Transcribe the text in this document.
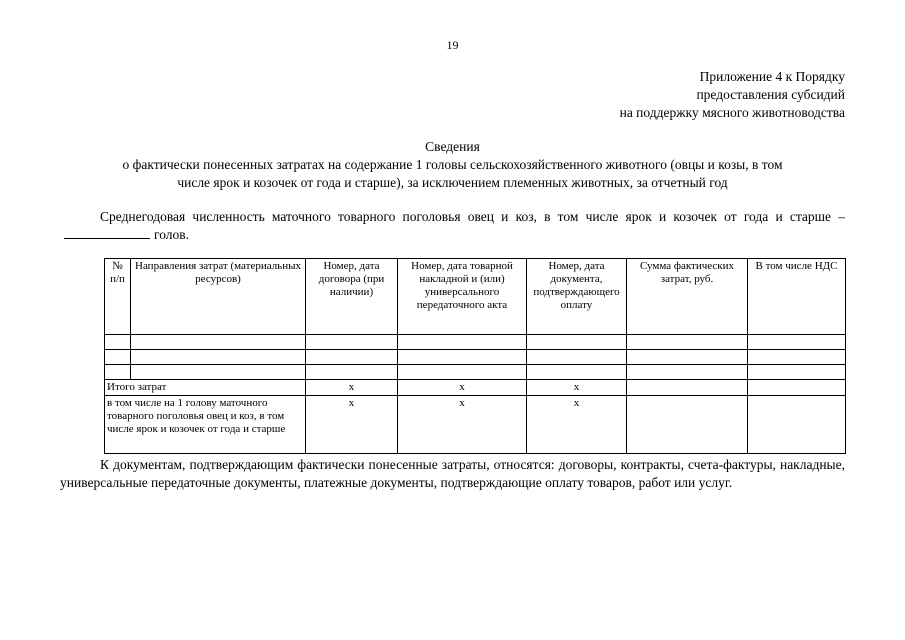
19
Приложение 4 к Порядку
предоставления субсидий
на поддержку мясного животноводства
Сведения
о фактически понесенных затратах на содержание 1 головы сельскохозяйственного животного (овцы и козы, в том
числе ярок и козочек от года и старше), за исключением племенных животных, за отчетный год
Среднегодовая численность маточного товарного поголовья овец и коз, в том числе ярок и козочек от года и старше –голов.
№ п/п	Направления затрат (материальных ресурсов)	Номер, дата договора (при наличии)	Номер, дата товарной накладной и (или) универсального передаточного акта	Номер, дата документа, подтверждающего оплату	Сумма фактических затрат, руб.	В том числе НДС

Итого затрат		х	х	х		
в том числе на 1 голову маточного товарного поголовья овец и коз, в том числе ярок и козочек от года и старше		х	х	х		
К документам, подтверждающим фактически понесенные затраты, относятся: договоры, контракты, счета-фактуры, накладные, универсальные передаточные документы, платежные документы, подтверждающие оплату товаров, работ или услуг.
